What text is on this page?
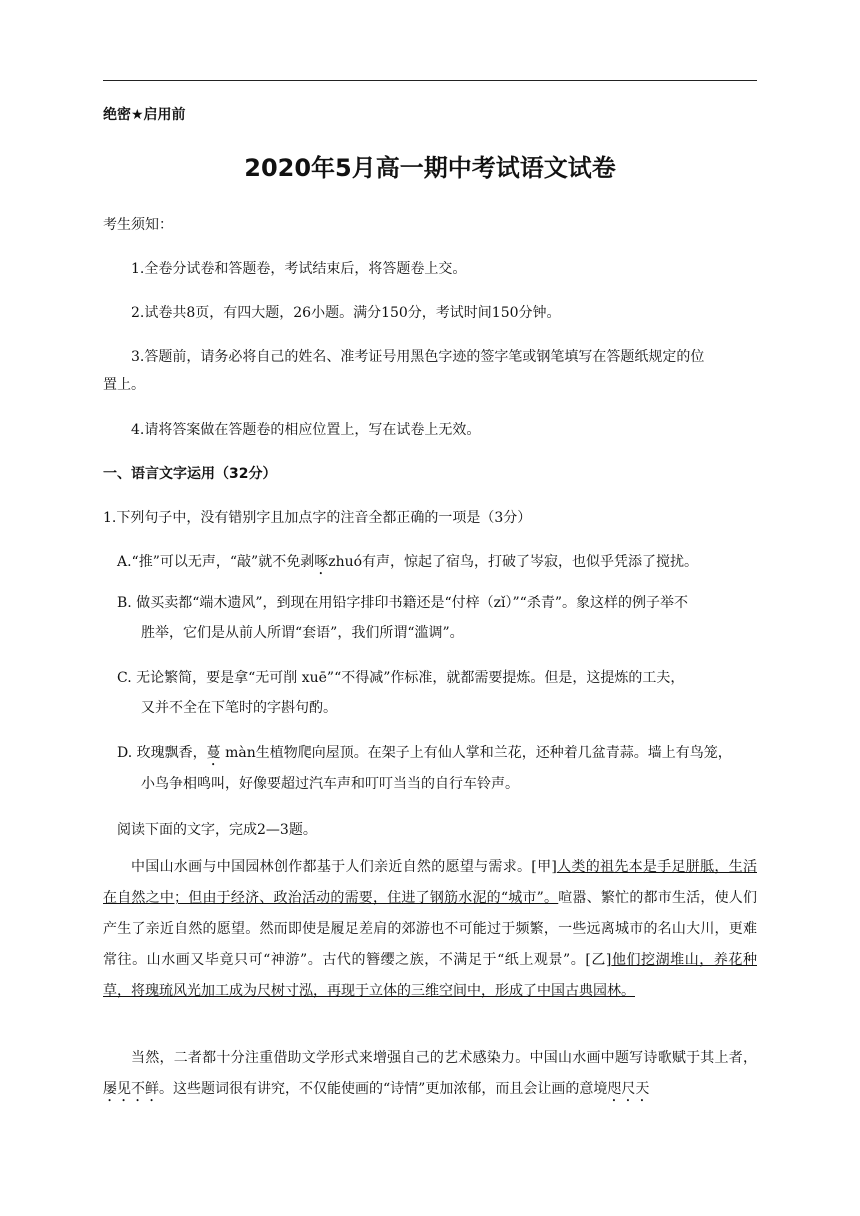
绝密★启用前

2020年5月高一期中考试语文试卷

考生须知：

1.全卷分试卷和答题卷，考试结束后，将答题卷上交。

2.试卷共8页，有四大题，26小题。满分150分，考试时间150分钟。

3.答题前，请务必将自己的姓名、准考证号用黑色字迹的签字笔或钢笔填写在答题纸规定的位

置上。

4.请将答案做在答题卷的相应位置上，写在试卷上无效。

一、语言文字运用（32分）

1.下列句子中，没有错别字且加点字的注音全都正确的一项是（3分）

A.“推”可以无声，“敲”就不免剥啄zhuó有声，惊起了宿鸟，打破了岑寂，也似乎凭添了搅扰。

B. 做买卖都“端木遗风”，到现在用铅字排印书籍还是“付梓（zǐ）”“杀青”。象这样的例子举不
胜举，它们是从前人所谓“套语”，我们所谓“滥调”。
C. 无论繁简，要是拿“无可削 xuē”“不得减”作标准，就都需要提炼。但是，这提炼的工夫，
又并不全在下笔时的字斟句酌。
D. 玫瑰飘香，蔓 màn生植物爬向屋顶。在架子上有仙人掌和兰花，还种着几盆青蒜。墙上有鸟笼，
小鸟争相鸣叫，好像要超过汽车声和叮叮当当的自行车铃声。

阅读下面的文字，完成2—3题。

中国山水画与中国园林创作都基于人们亲近自然的愿望与需求。[甲]人类的祖先本是手足胼胝，生活在自然之中；但由于经济、政治活动的需要，住进了钢筋水泥的“城市”。喧嚣、繁忙的都市生活，使人们产生了亲近自然的愿望。然而即使是履足差肩的郊游也不可能过于频繁，一些远离城市的名山大川，更难常往。山水画又毕竟只可“神游”。古代的簪缨之族，不满足于“纸上观景”。[乙]他们挖湖堆山，养花种草，将瑰琉风光加工成为尺树寸泓，再现于立体的三维空间中，形成了中国古典园林。

当然，二者都十分注重借助文学形式来增强自己的艺术感染力。中国山水画中题写诗歌赋于其上者，屡见不鲜。这些题词很有讲究，不仅能使画的“诗情”更加浓郁，而且会让画的意境咫尺天
